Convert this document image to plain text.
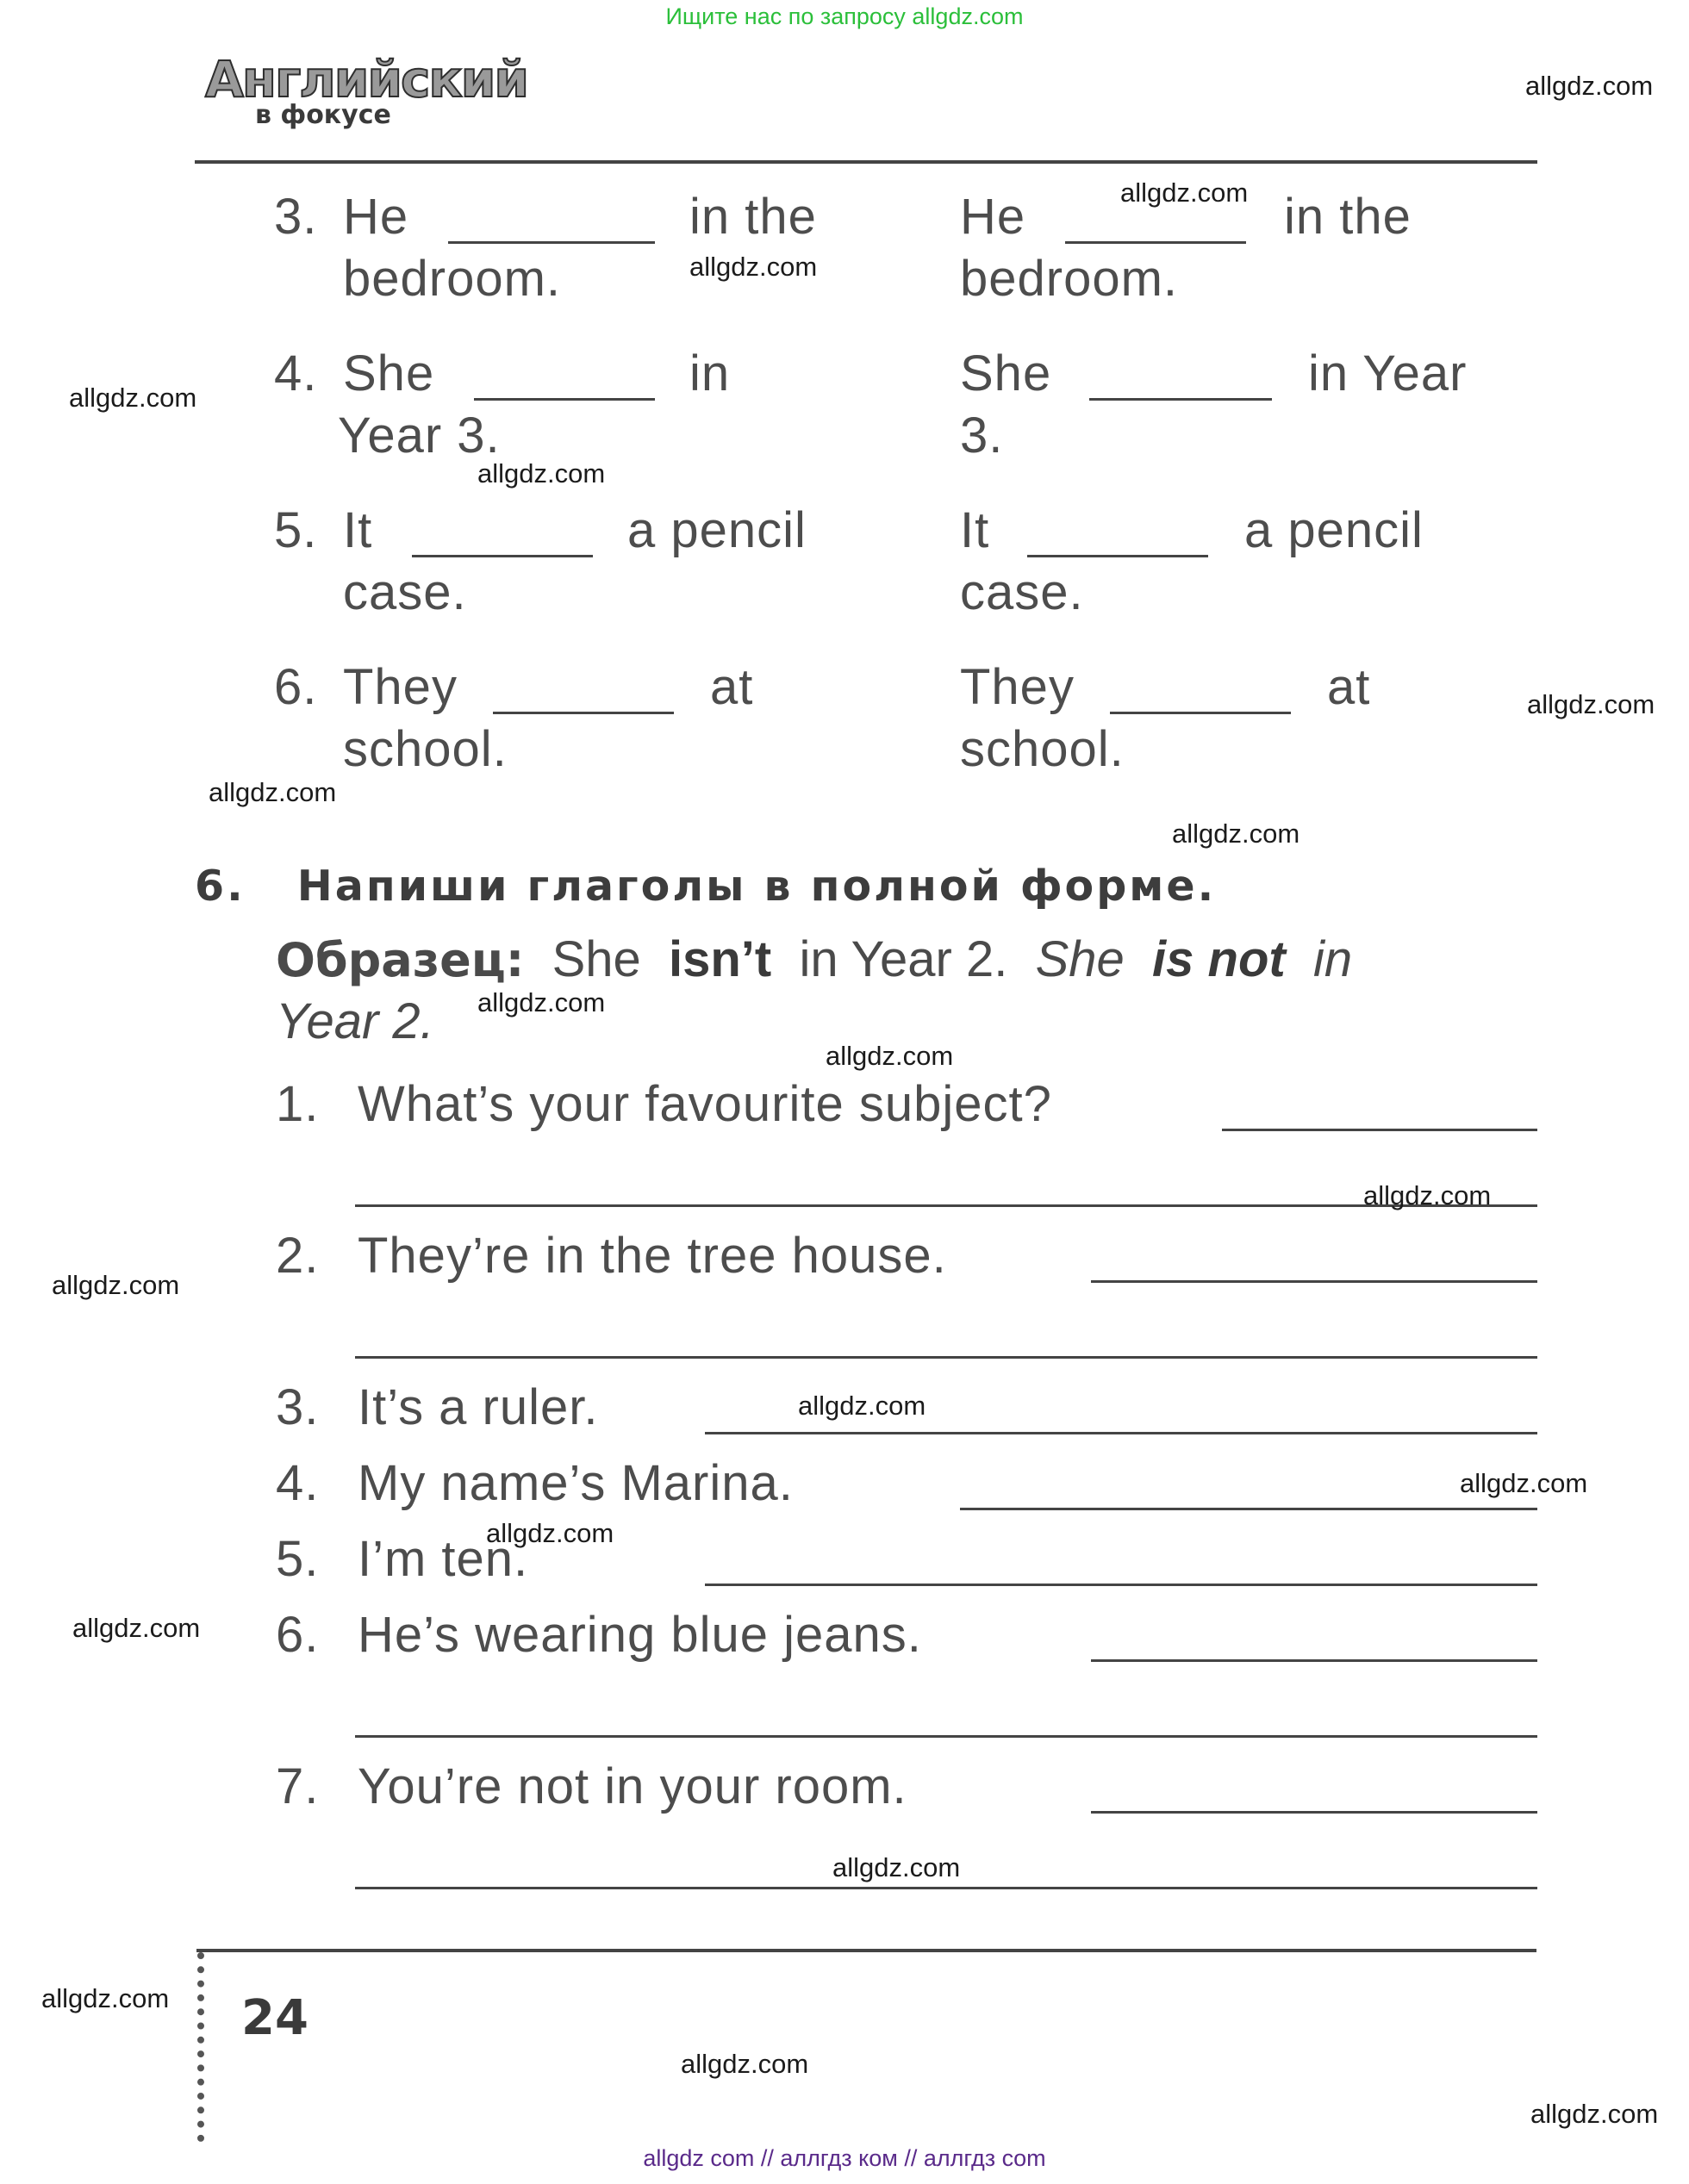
Ищите нас по запросу allgdz.com
Английский
в фокусе
3. He	in the
bedroom.
He	in the
bedroom.
4. She	in
Year 3.
She	in Year
3.
5. It	a pencil
case.
It	a pencil
case.
6. They	at
school.
They	at
school.
6. Напиши глаголы в полной форме.
Образец: She isn’t in Year 2. She is not in
Year 2.
1. What’s your favourite subject?
2. They’re in the tree house.
3. It’s a ruler.
4. My name’s Marina.
5. I’m ten.
6. He’s wearing blue jeans.
7. You’re not in your room.
24
allgdz.com
allgdz.com
allgdz.com
allgdz.com
allgdz.com
allgdz.com
allgdz.com
allgdz.com
allgdz.com
allgdz.com
allgdz.com
allgdz.com
allgdz.com
allgdz.com
allgdz.com
allgdz.com
allgdz.com
allgdz.com
allgdz.com
allgdz.com
allgdz com // аллгдз ком // аллгдз com
